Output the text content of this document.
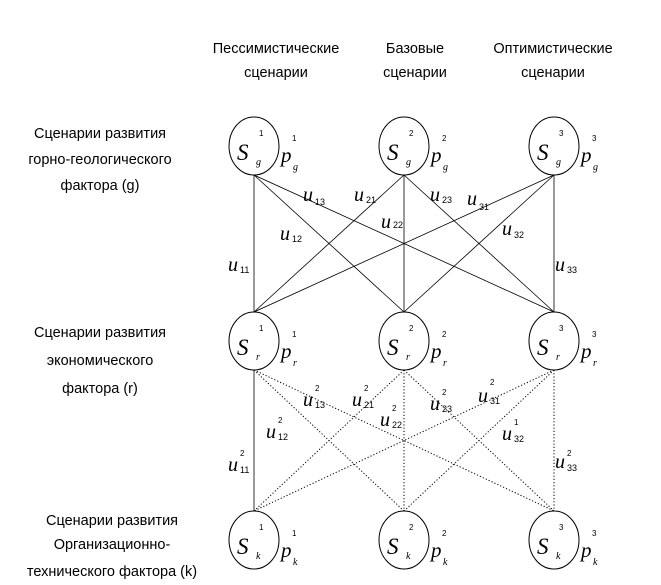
Пессимистические
сценарии
Базовые
сценарии
Оптимистические
сценарии
Сценарии развития
горно-геологического
фактора (g)
Сценарии развития
экономического
фактора (r)
Сценарии развития
Организационно-
технического фактора (k)
S
1
g p
1
g
S
2
g p
2
g
S
3
g p
3
g
S
1
r p
1
r
S
2
r p
2
r
S
3
r p
3
r
S
1
k p
1
k
S
2
k p
2
k
S
3
k p
3
k
u 11
u 12
u 13 u 21
u 22
u 23 u 31
u 32
u 33
u
2
11
u
2
12
u
2
13 u
2
21
u
2
22
u
2
23
u
2
31
u
1
32
u 2
33
